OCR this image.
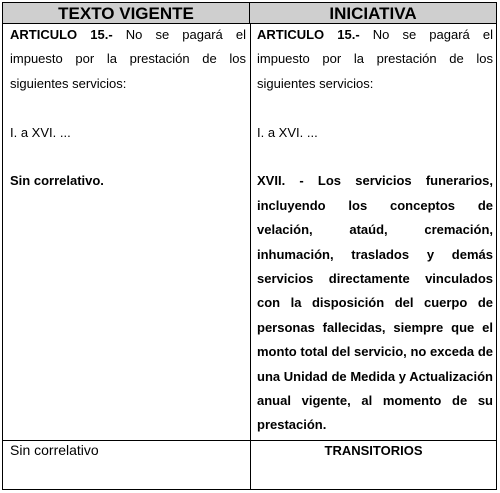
TEXTO VIGENTE	INICIATIVA

ARTICULO 15.- No se pagará el impuesto por la prestación de los siguientes servicios:

I. a XVI. ...

Sin correlativo.

ARTICULO 15.- No se pagará el impuesto por la prestación de los siguientes servicios:

I. a XVI. ...

XVII. - Los servicios funerarios, incluyendo los conceptos de velación, ataúd, cremación, inhumación, traslados y demás servicios directamente vinculados con la disposición del cuerpo de personas fallecidas, siempre que el monto total del servicio, no exceda de una Unidad de Medida y Actualización anual vigente, al momento de su prestación.

Sin correlativo	TRANSITORIOS
